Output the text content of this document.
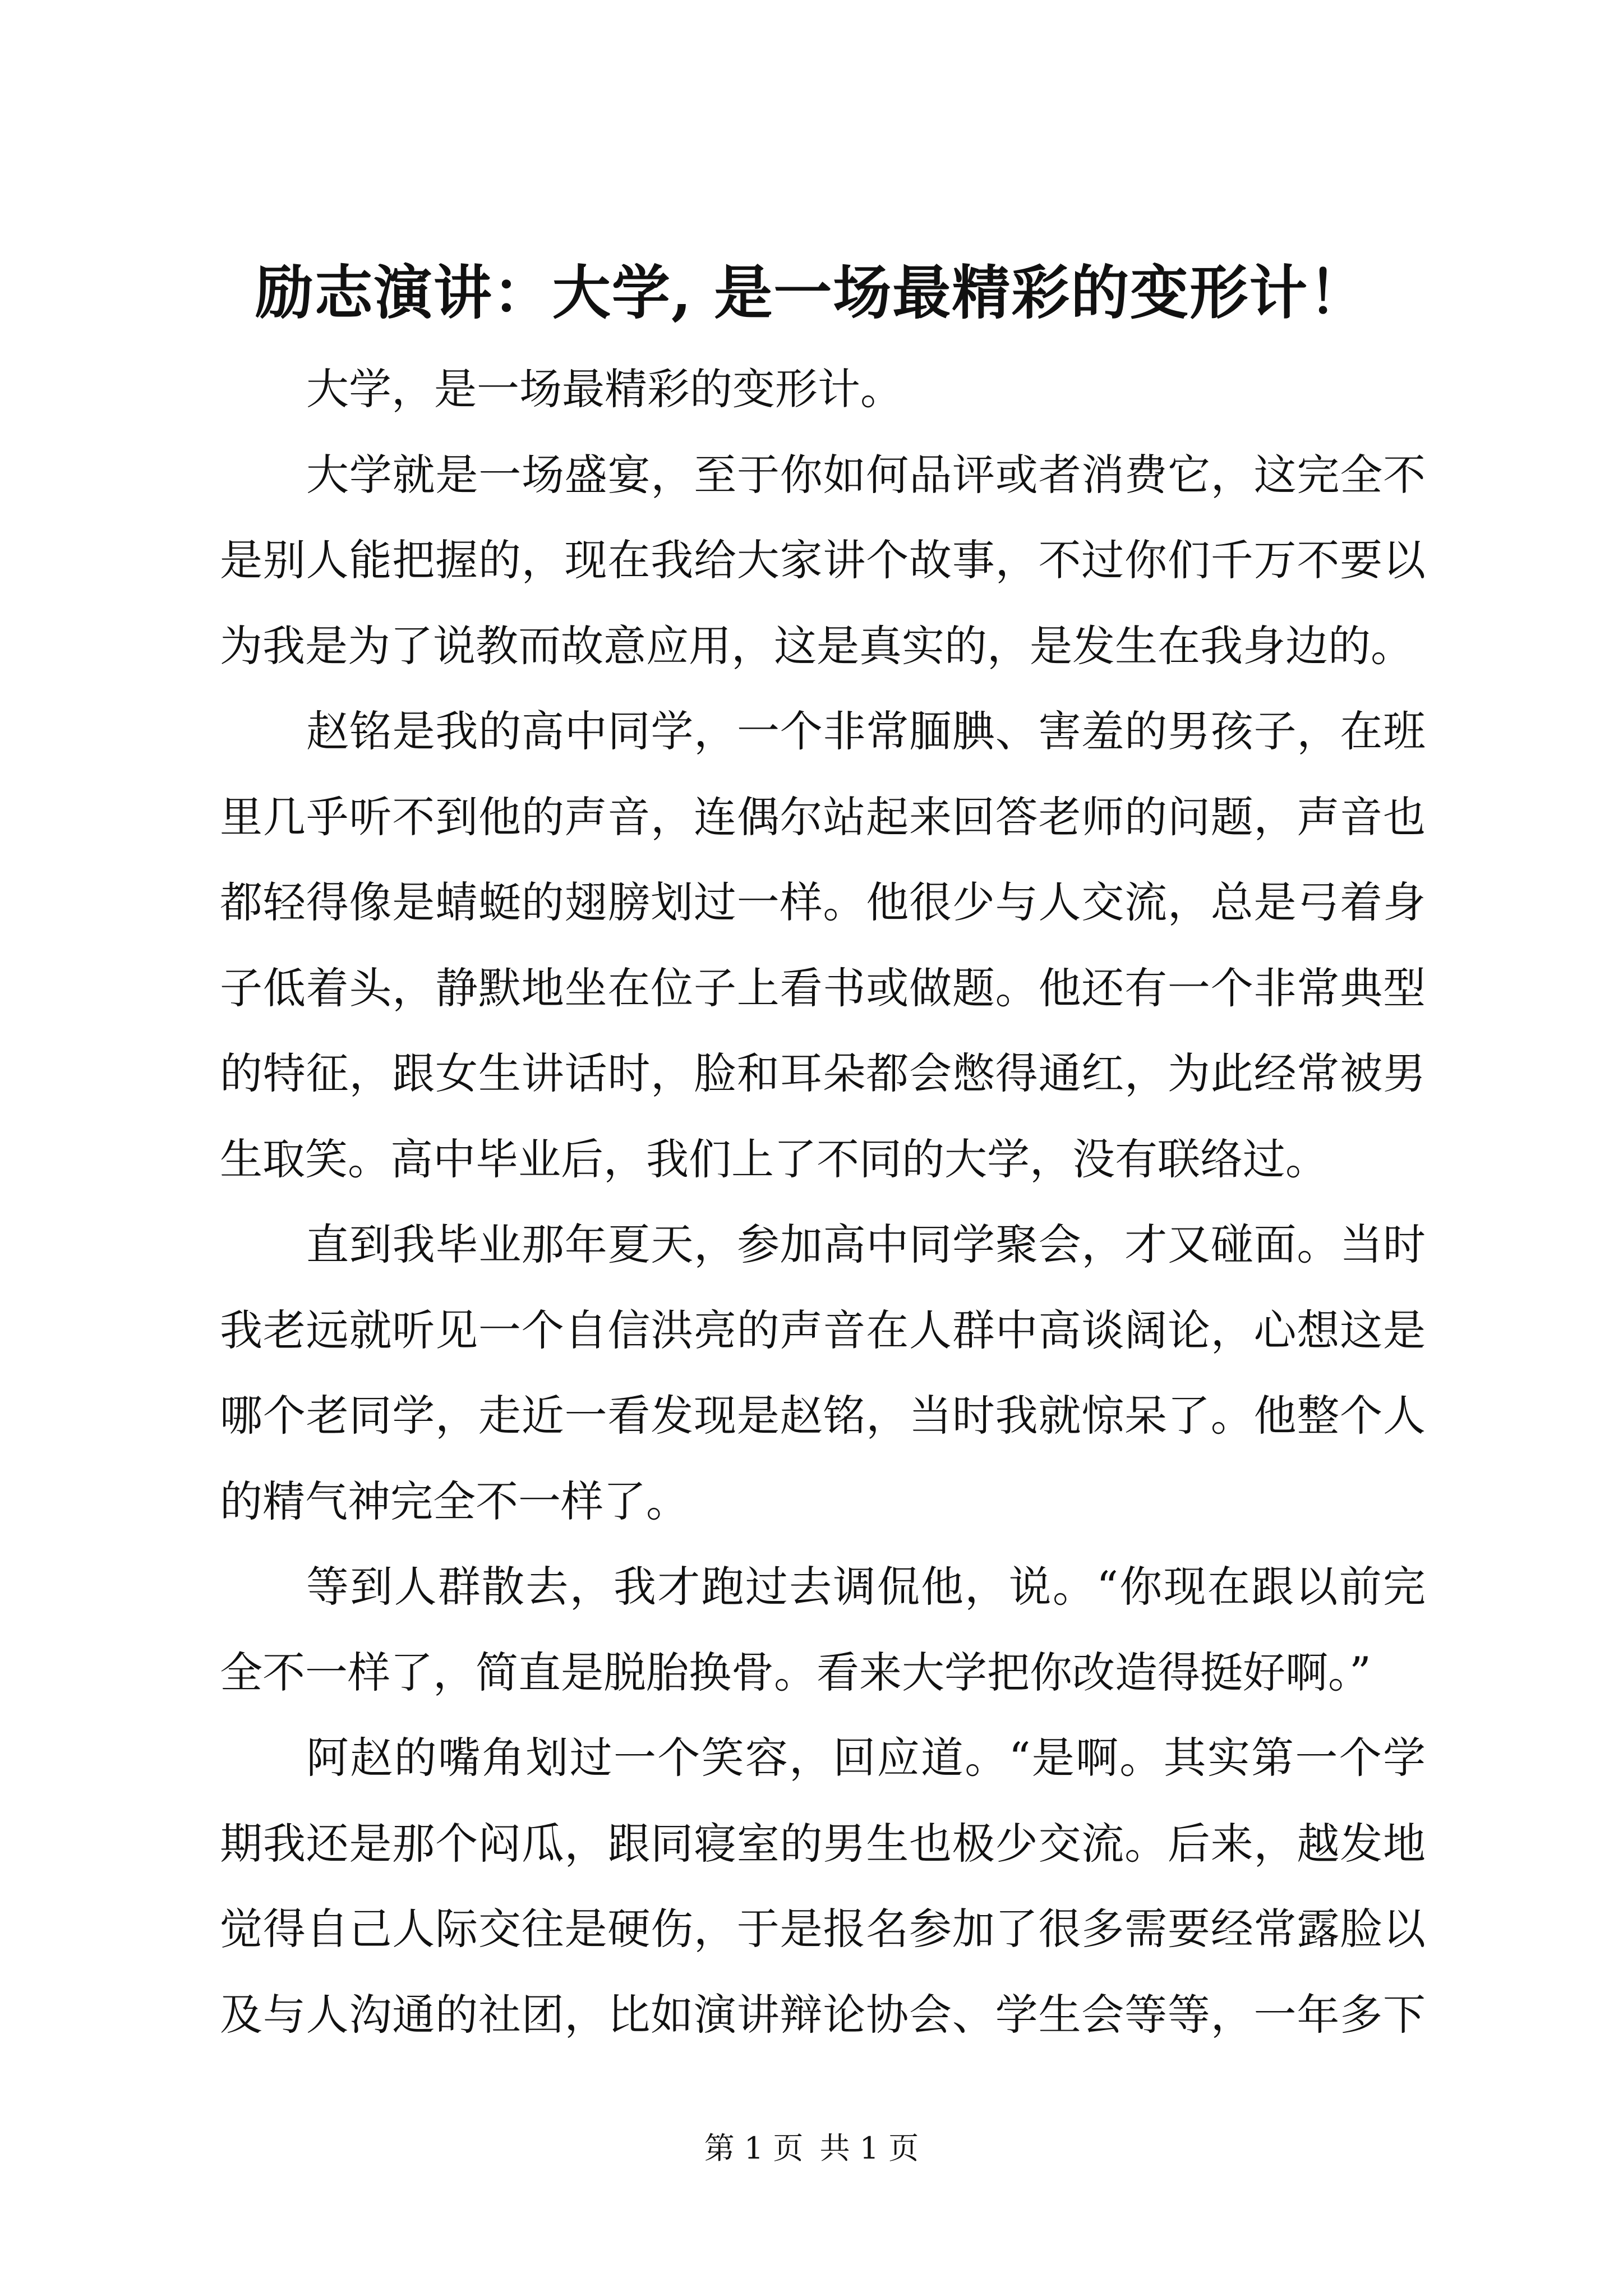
励志演讲：大学, 是一场最精彩的变形计！
大学，是一场最精彩的变形计。
大学就是一场盛宴，至于你如何品评或者消费它，这完全不
是别人能把握的，现在我给大家讲个故事，不过你们千万不要以
为我是为了说教而故意应用，这是真实的，是发生在我身边的。
赵铭是我的高中同学，一个非常腼腆、害羞的男孩子，在班
里几乎听不到他的声音，连偶尔站起来回答老师的问题，声音也
都轻得像是蜻蜓的翅膀划过一样。他很少与人交流，总是弓着身
子低着头，静默地坐在位子上看书或做题。他还有一个非常典型
的特征，跟女生讲话时，脸和耳朵都会憋得通红，为此经常被男
生取笑。高中毕业后，我们上了不同的大学，没有联络过。
直到我毕业那年夏天，参加高中同学聚会，才又碰面。当时
我老远就听见一个自信洪亮的声音在人群中高谈阔论，心想这是
哪个老同学，走近一看发现是赵铭，当时我就惊呆了。他整个人
的精气神完全不一样了。
等到人群散去，我才跑过去调侃他，说。“你现在跟以前完
全不一样了，简直是脱胎换骨。看来大学把你改造得挺好啊。”
阿赵的嘴角划过一个笑容，回应道。“是啊。其实第一个学
期我还是那个闷瓜，跟同寝室的男生也极少交流。后来，越发地
觉得自己人际交往是硬伤，于是报名参加了很多需要经常露脸以
及与人沟通的社团，比如演讲辩论协会、学生会等等，一年多下
第 1 页 共 1 页
